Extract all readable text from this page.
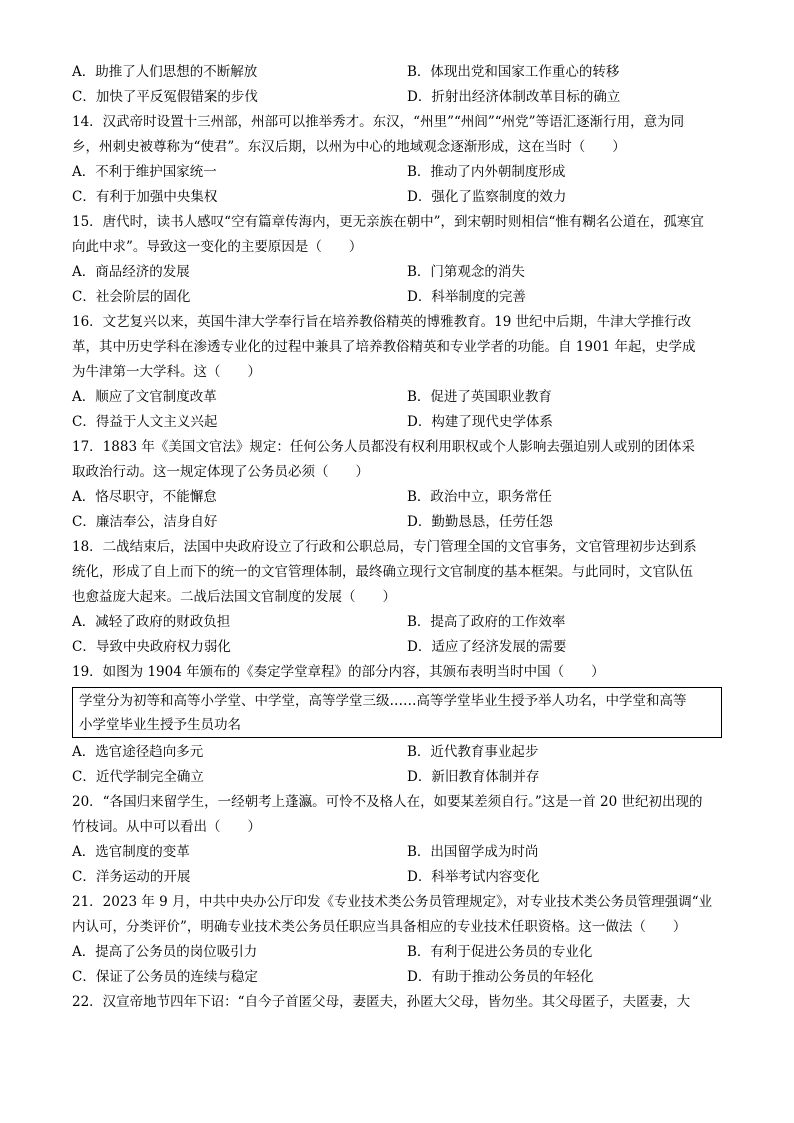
A．助推了人们思想的不断解放	B．体现出党和国家工作重心的转移
C．加快了平反冤假错案的步伐	D．折射出经济体制改革目标的确立
14．汉武帝时设置十三州部，州部可以推举秀才。东汉，“州里”“州闾”“州党”等语汇逐渐行用，意为同
乡，州刺史被尊称为“使君”。东汉后期，以州为中心的地域观念逐渐形成，这在当时（　　）
A．不利于维护国家统一	B．推动了内外朝制度形成
C．有利于加强中央集权	D．强化了监察制度的效力
15．唐代时，读书人感叹“空有篇章传海内，更无亲族在朝中”，到宋朝时则相信“惟有糊名公道在，孤寒宜
向此中求”。导致这一变化的主要原因是（　　）
A．商品经济的发展	B．门第观念的消失
C．社会阶层的固化	D．科举制度的完善
16．文艺复兴以来，英国牛津大学奉行旨在培养教俗精英的博雅教育。19 世纪中后期，牛津大学推行改
革，其中历史学科在渗透专业化的过程中兼具了培养教俗精英和专业学者的功能。自 1901 年起，史学成
为牛津第一大学科。这（　　）
A．顺应了文官制度改革	B．促进了英国职业教育
C．得益于人文主义兴起	D．构建了现代史学体系
17．1883 年《美国文官法》规定：任何公务人员都没有权利用职权或个人影响去强迫别人或别的团体采
取政治行动。这一规定体现了公务员必须（　　）
A．恪尽职守，不能懈怠	B．政治中立，职务常任
C．廉洁奉公，洁身自好	D．勤勤恳恳，任劳任怨
18．二战结束后，法国中央政府设立了行政和公职总局，专门管理全国的文官事务，文官管理初步达到系
统化，形成了自上而下的统一的文官管理体制，最终确立现行文官制度的基本框架。与此同时，文官队伍
也愈益庞大起来。二战后法国文官制度的发展（　　）
A．减轻了政府的财政负担	B．提高了政府的工作效率
C．导致中央政府权力弱化	D．适应了经济发展的需要
19．如图为 1904 年颁布的《奏定学堂章程》的部分内容，其颁布表明当时中国（　　）
学堂分为初等和高等小学堂、中学堂，高等学堂三级……高等学堂毕业生授予举人功名，中学堂和高等
小学堂毕业生授予生员功名
A．选官途径趋向多元	B．近代教育事业起步
C．近代学制完全确立	D．新旧教育体制并存
20．“各国归来留学生，一经朝考上蓬瀛。可怜不及格人在，如要某差须自行。”这是一首 20 世纪初出现的
竹枝词。从中可以看出（　　）
A．选官制度的变革	B．出国留学成为时尚
C．洋务运动的开展	D．科举考试内容变化
21．2023 年 9 月，中共中央办公厅印发《专业技术类公务员管理规定》，对专业技术类公务员管理强调“业
内认可，分类评价”，明确专业技术类公务员任职应当具备相应的专业技术任职资格。这一做法（　　）
A．提高了公务员的岗位吸引力	B．有利于促进公务员的专业化
C．保证了公务员的连续与稳定	D．有助于推动公务员的年轻化
22．汉宣帝地节四年下诏：“自今子首匿父母，妻匿夫，孙匿大父母，皆勿坐。其父母匿子，夫匿妻，大
